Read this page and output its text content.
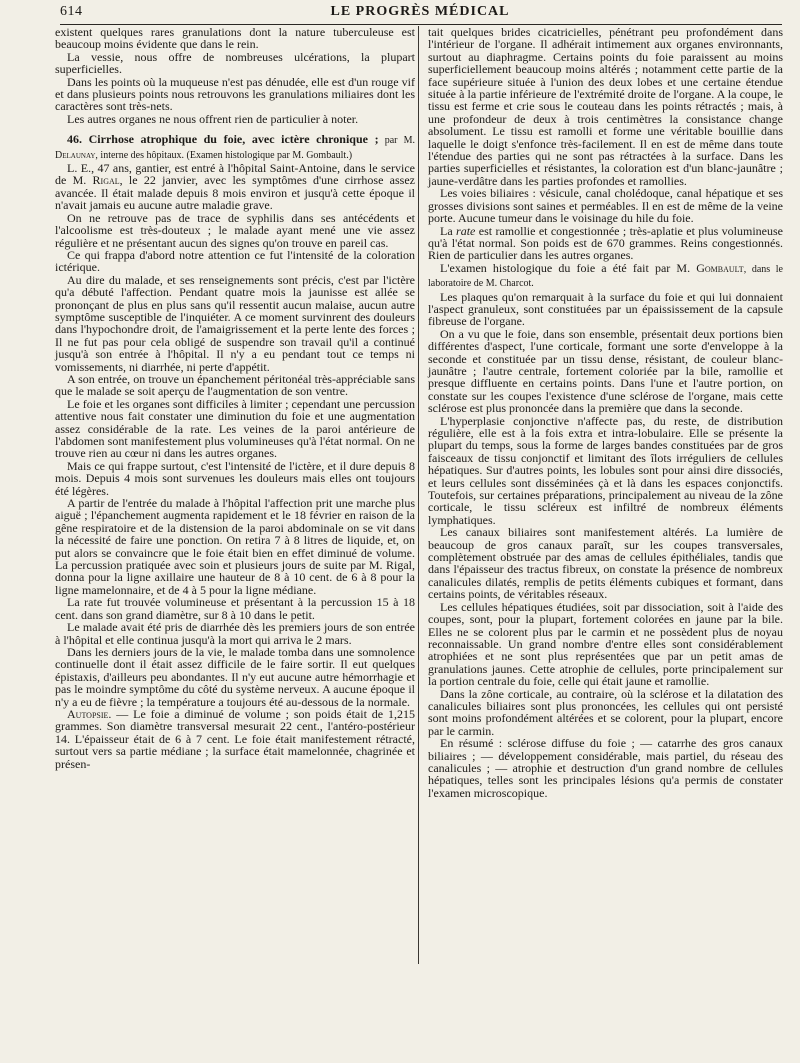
614	LE PROGRÈS MÉDICAL

existent quelques rares granulations dont la nature tuberculeuse est beaucoup moins évidente que dans le rein.

La vessie, nous offre de nombreuses ulcérations, la plupart superficielles.

Dans les points où la muqueuse n'est pas dénudée, elle est d'un rouge vif et dans plusieurs points nous retrouvons les granulations miliaires dont les caractères sont très-nets.

Les autres organes ne nous offrent rien de particulier à noter.

46. Cirrhose atrophique du foie, avec ictère chronique ; par M. Delaunay, interne des hôpitaux. (Examen histologique par M. Gombault.)

L. E., 47 ans, gantier, est entré à l'hôpital Saint-Antoine, dans le service de M. Rigal, le 22 janvier, avec les symptômes d'une cirrhose assez avancée. Il était malade depuis 8 mois environ et jusqu'à cette époque il n'avait jamais eu aucune autre maladie grave.

On ne retrouve pas de trace de syphilis dans ses antécédents et l'alcoolisme est très-douteux ; le malade ayant mené une vie assez régulière et ne présentant aucun des signes qu'on trouve en pareil cas.

Ce qui frappa d'abord notre attention ce fut l'intensité de la coloration ictérique.

Au dire du malade, et ses renseignements sont précis, c'est par l'ictère qu'a débuté l'affection. Pendant quatre mois la jaunisse est allée se prononçant de plus en plus sans qu'il ressentit aucun malaise, aucun autre symptôme susceptible de l'inquiéter. A ce moment survinrent des douleurs dans l'hypochondre droit, de l'amaigrissement et la perte lente des forces ; Il ne fut pas pour cela obligé de suspendre son travail qu'il a continué jusqu'à son entrée à l'hôpital. Il n'y a eu pendant tout ce temps ni vomissements, ni diarrhée, ni perte d'appétit.

A son entrée, on trouve un épanchement péritonéal très-appréciable sans que le malade se soit aperçu de l'augmentation de son ventre.

Le foie et les organes sont difficiles à limiter ; cependant une percussion attentive nous fait constater une diminution du foie et une augmentation assez considérable de la rate. Les veines de la paroi antérieure de l'abdomen sont manifestement plus volumineuses qu'à l'état normal. On ne trouve rien au cœur ni dans les autres organes.

Mais ce qui frappe surtout, c'est l'intensité de l'ictère, et il dure depuis 8 mois. Depuis 4 mois sont survenues les douleurs mais elles ont toujours été légères.

A partir de l'entrée du malade à l'hôpital l'affection prit une marche plus aiguë ; l'épanchement augmenta rapidement et le 18 février en raison de la gêne respiratoire et de la distension de la paroi abdominale on se vit dans la nécessité de faire une ponction. On retira 7 à 8 litres de liquide, et, on put alors se convaincre que le foie était bien en effet diminué de volume. La percussion pratiquée avec soin et plusieurs jours de suite par M. Rigal, donna pour la ligne axillaire une hauteur de 8 à 10 cent. de 6 à 8 pour la ligne mamelonnaire, et de 4 à 5 pour la ligne médiane.

La rate fut trouvée volumineuse et présentant à la percussion 15 à 18 cent. dans son grand diamètre, sur 8 à 10 dans le petit.

Le malade avait été pris de diarrhée dès les premiers jours de son entrée à l'hôpital et elle continua jusqu'à la mort qui arriva le 2 mars.

Dans les derniers jours de la vie, le malade tomba dans une somnolence continuelle dont il était assez difficile de le faire sortir. Il eut quelques épistaxis, d'ailleurs peu abondantes. Il n'y eut aucune autre hémorrhagie et pas le moindre symptôme du côté du système nerveux. A aucune époque il n'y a eu de fièvre ; la température a toujours été au-dessous de la normale.

Autopsie. — Le foie a diminué de volume ; son poids était de 1,215 grammes. Son diamètre transversal mesurait 22 cent., l'antéro-postérieur 14. L'épaisseur était de 6 à 7 cent. Le foie était manifestement rétracté, surtout vers sa partie médiane ; la surface était mamelonnée, chagrinée et présen-

tait quelques brides cicatricielles, pénétrant peu profondément dans l'intérieur de l'organe. Il adhérait intimement aux organes environnants, surtout au diaphragme. Certains points du foie paraissent au moins superficiellement beaucoup moins altérés ; notamment cette partie de la face supérieure située à l'union des deux lobes et une certaine étendue située à la partie inférieure de l'extrémité droite de l'organe. A la coupe, le tissu est ferme et crie sous le couteau dans les points rétractés ; mais, à une profondeur de deux à trois centimètres la consistance change absolument. Le tissu est ramolli et forme une véritable bouillie dans laquelle le doigt s'enfonce très-facilement. Il en est de même dans toute l'étendue des parties qui ne sont pas rétractées à la surface. Dans les parties superficielles et résistantes, la coloration est d'un blanc-jaunâtre ; jaune-verdâtre dans les parties profondes et ramollies.

Les voies biliaires : vésicule, canal cholédoque, canal hépatique et ses grosses divisions sont saines et perméables. Il en est de même de la veine porte. Aucune tumeur dans le voisinage du hile du foie.

La rate est ramollie et congestionnée ; très-aplatie et plus volumineuse qu'à l'état normal. Son poids est de 670 grammes. Reins congestionnés. Rien de particulier dans les autres organes.

L'examen histologique du foie a été fait par M. Gombault, dans le laboratoire de M. Charcot.

Les plaques qu'on remarquait à la surface du foie et qui lui donnaient l'aspect granuleux, sont constituées par un épaississement de la capsule fibreuse de l'organe.

On a vu que le foie, dans son ensemble, présentait deux portions bien différentes d'aspect, l'une corticale, formant une sorte d'enveloppe à la seconde et constituée par un tissu dense, résistant, de couleur blanc-jaunâtre ; l'autre centrale, fortement coloriée par la bile, ramollie et presque diffluente en certains points. Dans l'une et l'autre portion, on constate sur les coupes l'existence d'une sclérose de l'organe, mais cette sclérose est plus prononcée dans la première que dans la seconde.

L'hyperplasie conjonctive n'affecte pas, du reste, de distribution régulière, elle est à la fois extra et intra-lobulaire. Elle se présente la plupart du temps, sous la forme de larges bandes constituées par de gros faisceaux de tissu conjonctif et limitant des îlots irréguliers de cellules hépatiques. Sur d'autres points, les lobules sont pour ainsi dire dissociés, et leurs cellules sont disséminées çà et là dans les espaces conjonctifs. Toutefois, sur certaines préparations, principalement au niveau de la zône corticale, le tissu scléreux est infiltré de nombreux éléments lymphatiques.

Les canaux biliaires sont manifestement altérés. La lumière de beaucoup de gros canaux paraît, sur les coupes transversales, complètement obstruée par des amas de cellules épithéliales, tandis que dans l'épaisseur des tractus fibreux, on constate la présence de nombreux canalicules dilatés, remplis de petits éléments cubiques et formant, dans certains points, de véritables réseaux.

Les cellules hépatiques étudiées, soit par dissociation, soit à l'aide des coupes, sont, pour la plupart, fortement colorées en jaune par la bile. Elles ne se colorent plus par le carmin et ne possèdent plus de noyau reconnaissable. Un grand nombre d'entre elles sont considérablement atrophiées et ne sont plus représentées que par un petit amas de granulations jaunes. Cette atrophie de cellules, porte principalement sur la portion centrale du foie, celle qui était jaune et ramollie.

Dans la zône corticale, au contraire, où la sclérose et la dilatation des canalicules biliaires sont plus prononcées, les cellules qui ont persisté sont moins profondément altérées et se colorent, pour la plupart, encore par le carmin.

En résumé : sclérose diffuse du foie ; — catarrhe des gros canaux biliaires ; — développement considérable, mais partiel, du réseau des canalicules ; — atrophie et destruction d'un grand nombre de cellules hépatiques, telles sont les principales lésions qu'a permis de constater l'examen microscopique.
